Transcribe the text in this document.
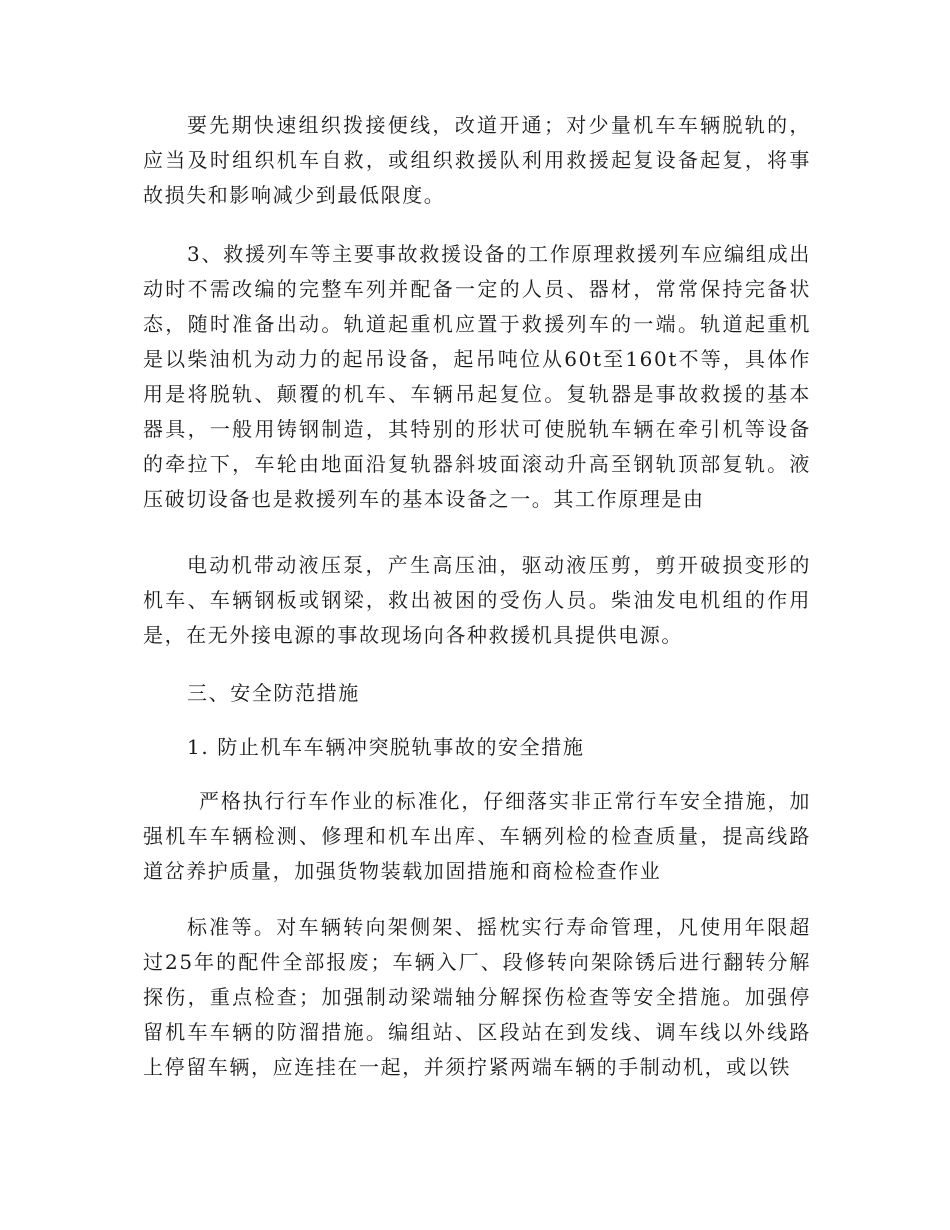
要先期快速组织拨接便线，改道开通；对少量机车车辆脱轨的，应当及时组织机车自救，或组织救援队利用救援起复设备起复，将事故损失和影响减少到最低限度。

3、救援列车等主要事故救援设备的工作原理救援列车应编组成出动时不需改编的完整车列并配备一定的人员、器材，常常保持完备状态，随时准备出动。轨道起重机应置于救援列车的一端。轨道起重机是以柴油机为动力的起吊设备，起吊吨位从60t至160t不等，具体作用是将脱轨、颠覆的机车、车辆吊起复位。复轨器是事故救援的基本器具，一般用铸钢制造，其特别的形状可使脱轨车辆在牵引机等设备的牵拉下，车轮由地面沿复轨器斜坡面滚动升高至钢轨顶部复轨。液压破切设备也是救援列车的基本设备之一。其工作原理是由

电动机带动液压泵，产生高压油，驱动液压剪，剪开破损变形的机车、车辆钢板或钢梁，救出被困的受伤人员。柴油发电机组的作用是，在无外接电源的事故现场向各种救援机具提供电源。

三、安全防范措施

1. 防止机车车辆冲突脱轨事故的安全措施

严格执行行车作业的标准化，仔细落实非正常行车安全措施，加强机车车辆检测、修理和机车出库、车辆列检的检查质量，提高线路道岔养护质量，加强货物装载加固措施和商检检查作业

标准等。对车辆转向架侧架、摇枕实行寿命管理，凡使用年限超过25年的配件全部报废；车辆入厂、段修转向架除锈后进行翻转分解探伤，重点检查；加强制动梁端轴分解探伤检查等安全措施。加强停留机车车辆的防溜措施。编组站、区段站在到发线、调车线以外线路上停留车辆，应连挂在一起，并须拧紧两端车辆的手制动机，或以铁
